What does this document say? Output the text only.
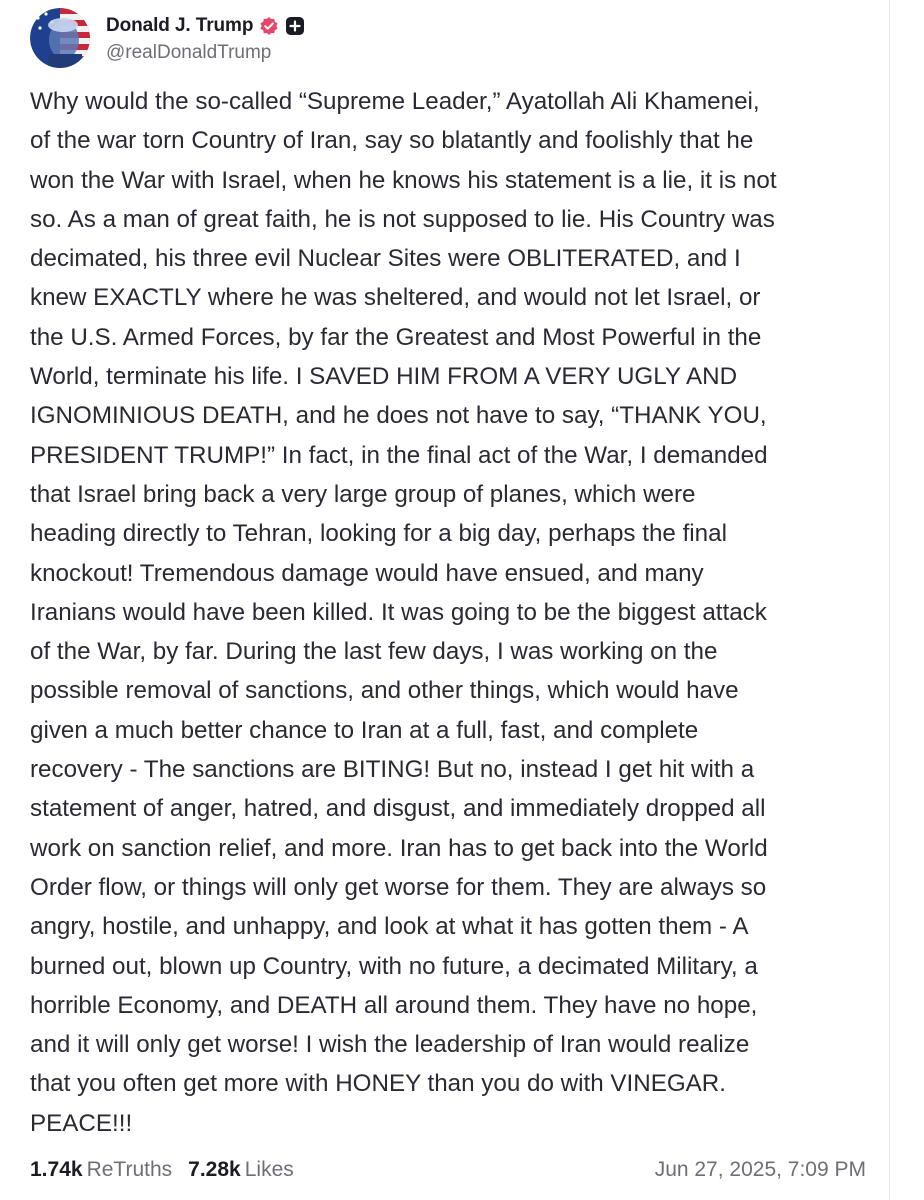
Donald J. Trump
@realDonaldTrump
Why would the so-called “Supreme Leader,” Ayatollah Ali Khamenei,
of the war torn Country of Iran, say so blatantly and foolishly that he
won the War with Israel, when he knows his statement is a lie, it is not
so. As a man of great faith, he is not supposed to lie. His Country was
decimated, his three evil Nuclear Sites were OBLITERATED, and I
knew EXACTLY where he was sheltered, and would not let Israel, or
the U.S. Armed Forces, by far the Greatest and Most Powerful in the
World, terminate his life. I SAVED HIM FROM A VERY UGLY AND
IGNOMINIOUS DEATH, and he does not have to say, “THANK YOU,
PRESIDENT TRUMP!” In fact, in the final act of the War, I demanded
that Israel bring back a very large group of planes, which were
heading directly to Tehran, looking for a big day, perhaps the final
knockout! Tremendous damage would have ensued, and many
Iranians would have been killed. It was going to be the biggest attack
of the War, by far. During the last few days, I was working on the
possible removal of sanctions, and other things, which would have
given a much better chance to Iran at a full, fast, and complete
recovery - The sanctions are BITING! But no, instead I get hit with a
statement of anger, hatred, and disgust, and immediately dropped all
work on sanction relief, and more. Iran has to get back into the World
Order flow, or things will only get worse for them. They are always so
angry, hostile, and unhappy, and look at what it has gotten them - A
burned out, blown up Country, with no future, a decimated Military, a
horrible Economy, and DEATH all around them. They have no hope,
and it will only get worse! I wish the leadership of Iran would realize
that you often get more with HONEY than you do with VINEGAR.
PEACE!!!
1.74k ReTruths 7.28k Likes	Jun 27, 2025, 7:09 PM
